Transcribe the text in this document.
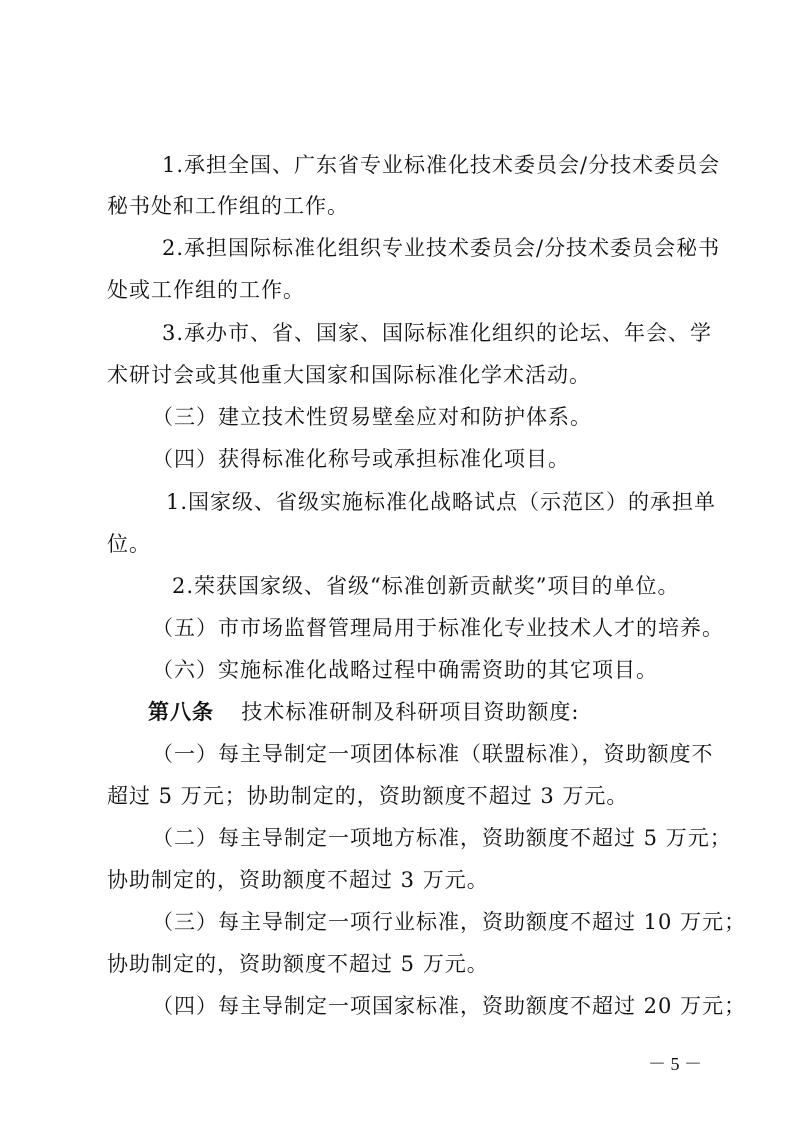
1.承担全国、广东省专业标准化技术委员会/分技术委员会
秘书处和工作组的工作。
2.承担国际标准化组织专业技术委员会/分技术委员会秘书
处或工作组的工作。
3.承办市、省、国家、国际标准化组织的论坛、年会、学
术研讨会或其他重大国家和国际标准化学术活动。
（三）建立技术性贸易壁垒应对和防护体系。
（四）获得标准化称号或承担标准化项目。
1.国家级、省级实施标准化战略试点（示范区）的承担单
位。
2.荣获国家级、省级“标准创新贡献奖”项目的单位。
（五）市市场监督管理局用于标准化专业技术人才的培养。
（六）实施标准化战略过程中确需资助的其它项目。
第八条 技术标准研制及科研项目资助额度:
（一）每主导制定一项团体标准（联盟标准），资助额度不
超过 5 万元；协助制定的，资助额度不超过 3 万元。
（二）每主导制定一项地方标准，资助额度不超过 5 万元；
协助制定的，资助额度不超过 3 万元。
（三）每主导制定一项行业标准，资助额度不超过 10 万元；
协助制定的，资助额度不超过 5 万元。
（四）每主导制定一项国家标准，资助额度不超过 20 万元；
－ 5 －
